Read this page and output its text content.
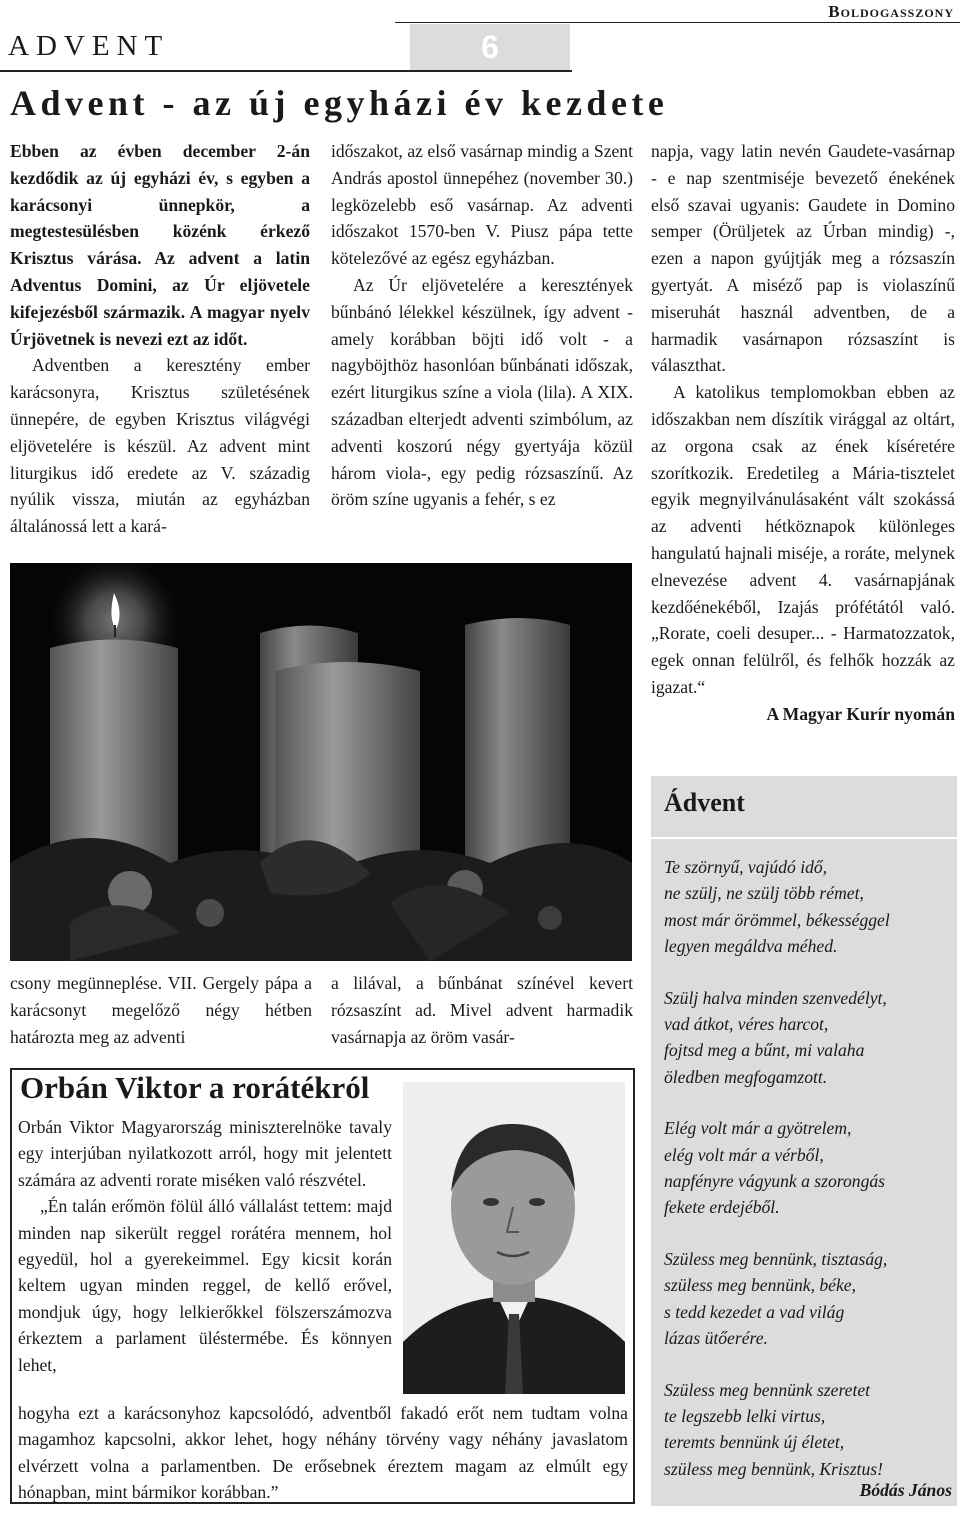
Boldogasszony
ADVENT	6
Advent - az új egyházi év kezdete

Ebben az évben december 2-án kezdődik az új egyházi év, s egyben a karácsonyi ünnepkör, a megtestesülésben közénk érkező Krisztus várása. Az advent a latin Adventus Domini, az Úr eljövetele kifejezésből származik. A magyar nyelv Úrjövetnek is nevezi ezt az időt.

Adventben a keresztény ember karácsonyra, Krisztus születésének ünnepére, de egyben Krisztus világvégi eljövetelére is készül. Az advent mint liturgikus idő eredete az V. századig nyúlik vissza, miután az egyházban általánossá lett a kará-

időszakot, az első vasárnap mindig a Szent András apostol ünnepéhez (november 30.) legközelebb eső vasárnap. Az adventi időszakot 1570-ben V. Piusz pápa tette kötelezővé az egész egyházban.

Az Úr eljövetelére a keresztények bűnbánó lélekkel készülnek, így advent - amely korábban böjti idő volt - a nagyböjthöz hasonlóan bűnbánati időszak, ezért liturgikus színe a viola (lila). A XIX. században elterjedt adventi szimbólum, az adventi koszorú négy gyertyája közül három viola-, egy pedig rózsaszínű. Az öröm színe ugyanis a fehér, s ez

csony megünneplése. VII. Gergely pápa a karácsonyt megelőző négy hétben határozta meg az adventi

a lilával, a bűnbánat színével kevert rózsaszínt ad. Mivel advent harmadik vasárnapja az öröm vasár-

napja, vagy latin nevén Gaudete-vasárnap - e nap szentmiséje bevezető énekének első szavai ugyanis: Gaudete in Domino semper (Örüljetek az Úrban mindig) -, ezen a napon gyújtják meg a rózsaszín gyertyát. A miséző pap is violaszínű miseruhát használ adventben, de a harmadik vasárnapon rózsaszínt is választhat.

A katolikus templomokban ebben az időszakban nem díszítik virággal az oltárt, az orgona csak az ének kíséretére szorítkozik. Eredetileg a Mária-tisztelet egyik megnyilvánulásaként vált szokássá az adventi hétköznapok különleges hangulatú hajnali miséje, a roráte, melynek elnevezése advent 4. vasárnapjának kezdőénekéből, Izajás prófétától való. „Rorate, coeli desuper... - Harmatozzatok, egek onnan felülről, és felhők hozzák az igazat.“

A Magyar Kurír nyomán
Orbán Viktor a rorátékról

Orbán Viktor Magyarország miniszterelnöke tavaly egy interjúban nyilatkozott arról, hogy mit jelentett számára az adventi rorate miséken való részvétel.

„Én talán erőmön fölül álló vállalást tettem: majd minden nap sikerült reggel rorátéra mennem, hol egyedül, hol a gyerekeimmel. Egy kicsit korán keltem ugyan minden reggel, de kellő erővel, mondjuk úgy, hogy lelkierőkkel fölszerszámozva érkeztem a parlament üléstermébe. És könnyen lehet,

hogyha ezt a karácsonyhoz kapcsolódó, adventből fakadó erőt nem tudtam volna magamhoz kapcsolni, akkor lehet, hogy néhány törvény vagy néhány javaslatom elvérzett volna a parlamentben. De erősebnek éreztem magam az elmúlt egy hónapban, mint bármikor korábban.”
Ádvent
Te szörnyű, vajúdó idő,
ne szülj, ne szülj több rémet,
most már örömmel, békességgel
legyen megáldva méhed.
Szülj halva minden szenvedélyt,
vad átkot, véres harcot,
fojtsd meg a bűnt, mi valaha
öledben megfogamzott.
Elég volt már a gyötrelem,
elég volt már a vérből,
napfényre vágyunk a szorongás
fekete erdejéből.
Szüless meg bennünk, tisztaság,
szüless meg bennünk, béke,
s tedd kezedet a vad világ
lázas ütőerére.
Szüless meg bennünk szeretet
te legszebb lelki virtus,
teremts bennünk új életet,
szüless meg bennünk, Krisztus!
Bódás János
